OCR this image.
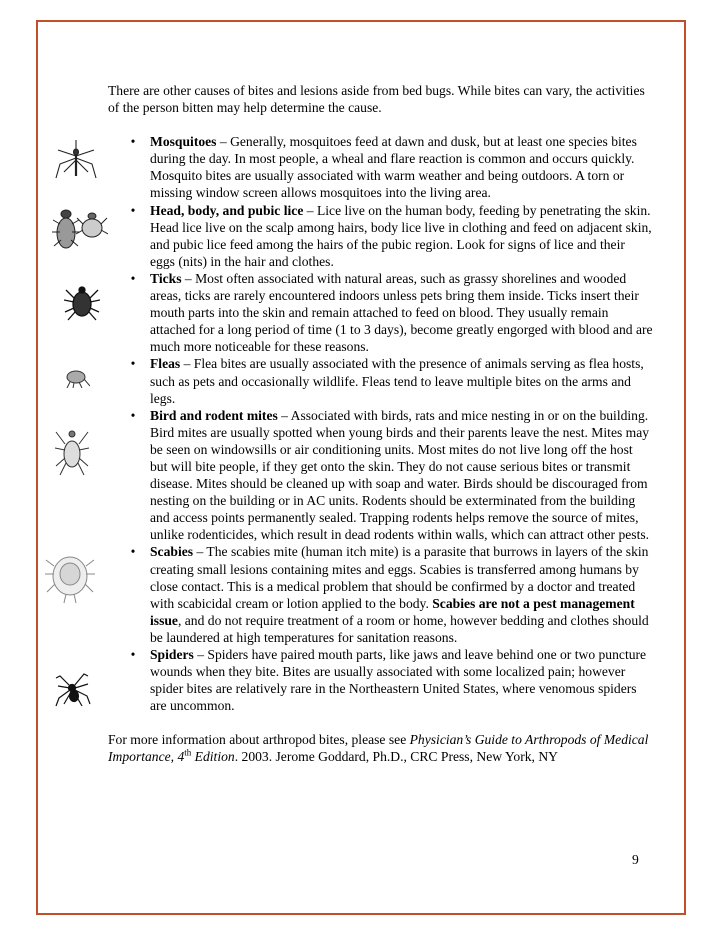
There are other causes of bites and lesions aside from bed bugs. While bites can vary, the activities of the person bitten may help determine the cause.

• Mosquitoes – Generally, mosquitoes feed at dawn and dusk, but at least one species bites during the day. In most people, a wheal and flare reaction is common and occurs quickly. Mosquito bites are usually associated with warm weather and being outdoors. A torn or missing window screen allows mosquitoes into the living area.
• Head, body, and pubic lice – Lice live on the human body, feeding by penetrating the skin. Head lice live on the scalp among hairs, body lice live in clothing and feed on adjacent skin, and pubic lice feed among the hairs of the pubic region. Look for signs of lice and their eggs (nits) in the hair and clothes.
• Ticks – Most often associated with natural areas, such as grassy shorelines and wooded areas, ticks are rarely encountered indoors unless pets bring them inside. Ticks insert their mouth parts into the skin and remain attached to feed on blood. They usually remain attached for a long period of time (1 to 3 days), become greatly engorged with blood and are much more noticeable for these reasons.
• Fleas – Flea bites are usually associated with the presence of animals serving as flea hosts, such as pets and occasionally wildlife. Fleas tend to leave multiple bites on the arms and legs.
• Bird and rodent mites – Associated with birds, rats and mice nesting in or on the building. Bird mites are usually spotted when young birds and their parents leave the nest. Mites may be seen on windowsills or air conditioning units. Most mites do not live long off the host but will bite people, if they get onto the skin. They do not cause serious bites or transmit disease. Mites should be cleaned up with soap and water. Birds should be discouraged from nesting on the building or in AC units. Rodents should be exterminated from the building and access points permanently sealed. Trapping rodents helps remove the source of mites, unlike rodenticides, which result in dead rodents within walls, which can attract other pests.
• Scabies – The scabies mite (human itch mite) is a parasite that burrows in layers of the skin creating small lesions containing mites and eggs. Scabies is transferred among humans by close contact. This is a medical problem that should be confirmed by a doctor and treated with scabicidal cream or lotion applied to the body. Scabies are not a pest management issue, and do not require treatment of a room or home, however bedding and clothes should be laundered at high temperatures for sanitation reasons.
• Spiders – Spiders have paired mouth parts, like jaws and leave behind one or two puncture wounds when they bite. Bites are usually associated with some localized pain; however spider bites are relatively rare in the Northeastern United States, where venomous spiders are uncommon.

For more information about arthropod bites, please see Physician’s Guide to Arthropods of Medical Importance, 4th Edition. 2003. Jerome Goddard, Ph.D., CRC Press, New York, NY

9
